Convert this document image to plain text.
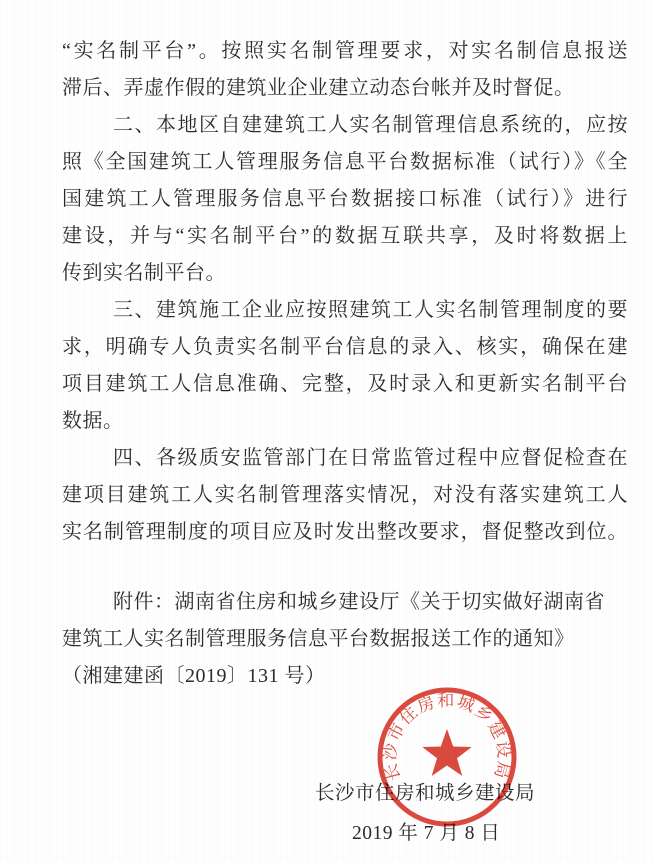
“实名制平台”。按照实名制管理要求，对实名制信息报送
滞后、弄虚作假的建筑业企业建立动态台帐并及时督促。
二、本地区自建建筑工人实名制管理信息系统的，应按
照《全国建筑工人管理服务信息平台数据标准（试行）》《全
国建筑工人管理服务信息平台数据接口标准（试行）》进行
建设，并与“实名制平台”的数据互联共享，及时将数据上
传到实名制平台。
三、建筑施工企业应按照建筑工人实名制管理制度的要
求，明确专人负责实名制平台信息的录入、核实，确保在建
项目建筑工人信息准确、完整，及时录入和更新实名制平台
数据。
四、各级质安监管部门在日常监管过程中应督促检查在
建项目建筑工人实名制管理落实情况，对没有落实建筑工人
实名制管理制度的项目应及时发出整改要求，督促整改到位。
附件：湖南省住房和城乡建设厅《关于切实做好湖南省
建筑工人实名制管理服务信息平台数据报送工作的通知》
（湘建建函〔2019〕131 号）
长沙市住房和城乡建设局
2019 年 7 月 8 日
长沙市住房和城乡建设局
